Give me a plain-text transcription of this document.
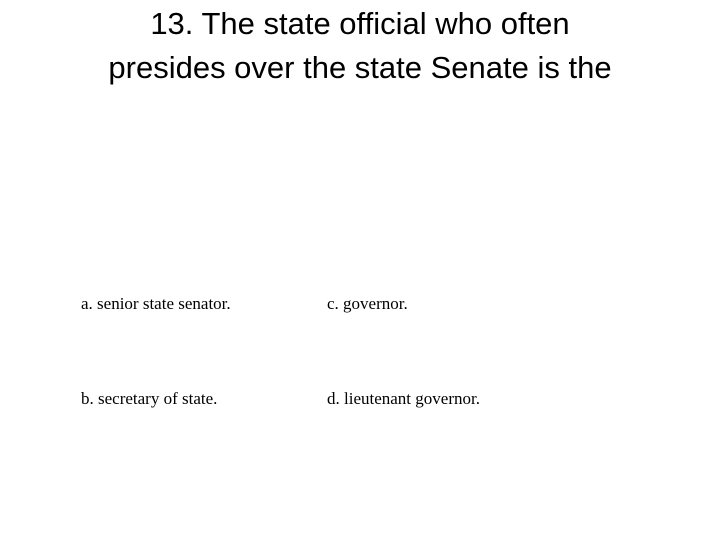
13. The state official who often
presides over the state Senate is the
a. senior state senator.	c. governor.
b. secretary of state.	d. lieutenant governor.
